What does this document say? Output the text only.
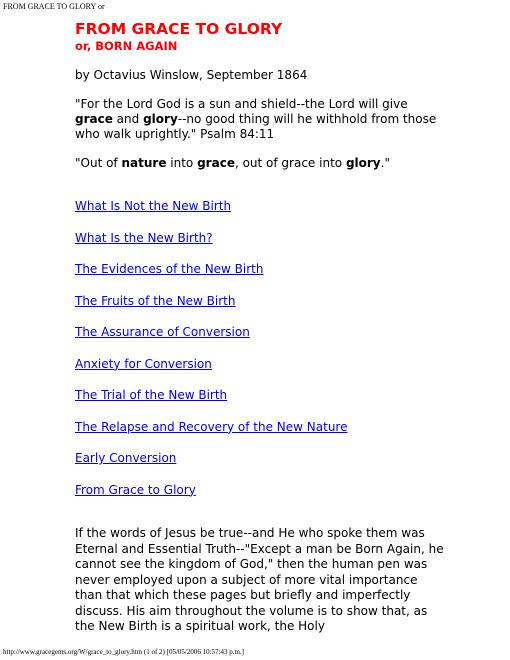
FROM GRACE TO GLORY or
FROM GRACE TO GLORY
or, BORN AGAIN
by Octavius Winslow, September 1864

"For the Lord God is a sun and shield--the Lord will give grace and glory--no good thing will he withhold from those who walk uprightly." Psalm 84:11

"Out of nature into grace, out of grace into glory."

What Is Not the New Birth
What Is the New Birth?
The Evidences of the New Birth
The Fruits of the New Birth
The Assurance of Conversion
Anxiety for Conversion
The Trial of the New Birth
The Relapse and Recovery of the New Nature
Early Conversion
From Grace to Glory

If the words of Jesus be true--and He who spoke them was Eternal and Essential Truth--"Except a man be Born Again, he cannot see the kingdom of God," then the human pen was never employed upon a subject of more vital importance than that which these pages but briefly and imperfectly discuss. His aim throughout the volume is to show that, as the New Birth is a spiritual work, the Holy

http://www.gracegems.org/W/grace_to_glory.htm (1 of 2) [05/05/2006 10:57:43 p.m.]
